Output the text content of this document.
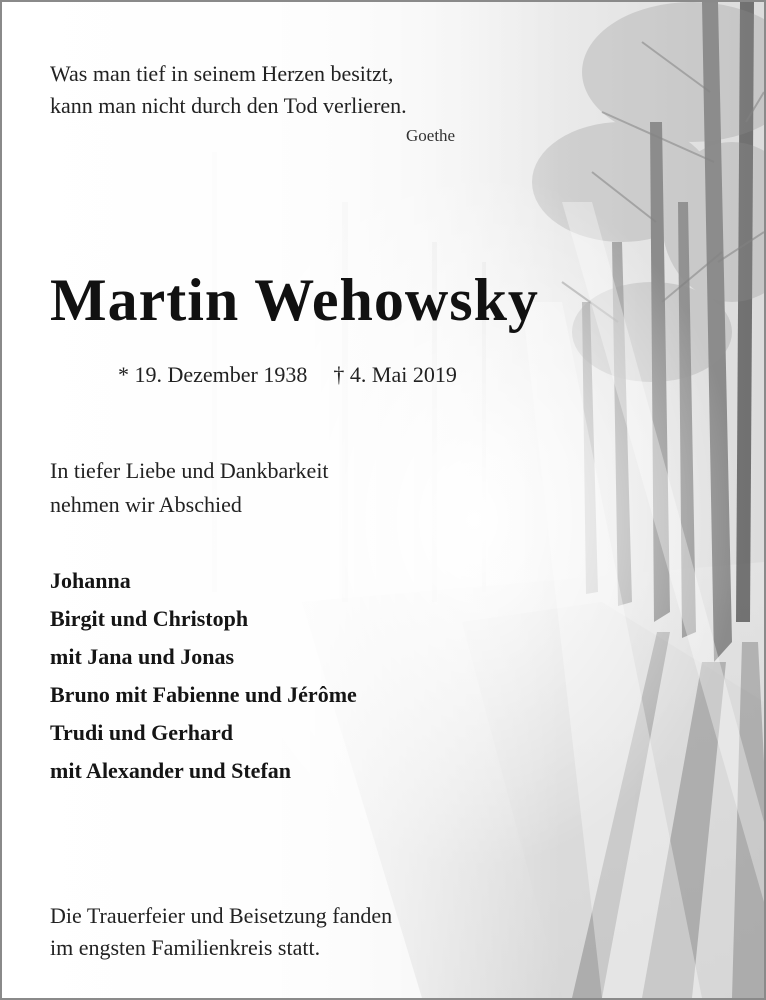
Was man tief in seinem Herzen besitzt,
kann man nicht durch den Tod verlieren.
Goethe
Martin Wehowsky
* 19. Dezember 1938 † 4. Mai 2019
In tiefer Liebe und Dankbarkeit
nehmen wir Abschied
Johanna
Birgit und Christoph
mit Jana und Jonas
Bruno mit Fabienne und Jérôme
Trudi und Gerhard
mit Alexander und Stefan
Die Trauerfeier und Beisetzung fanden
im engsten Familienkreis statt.
